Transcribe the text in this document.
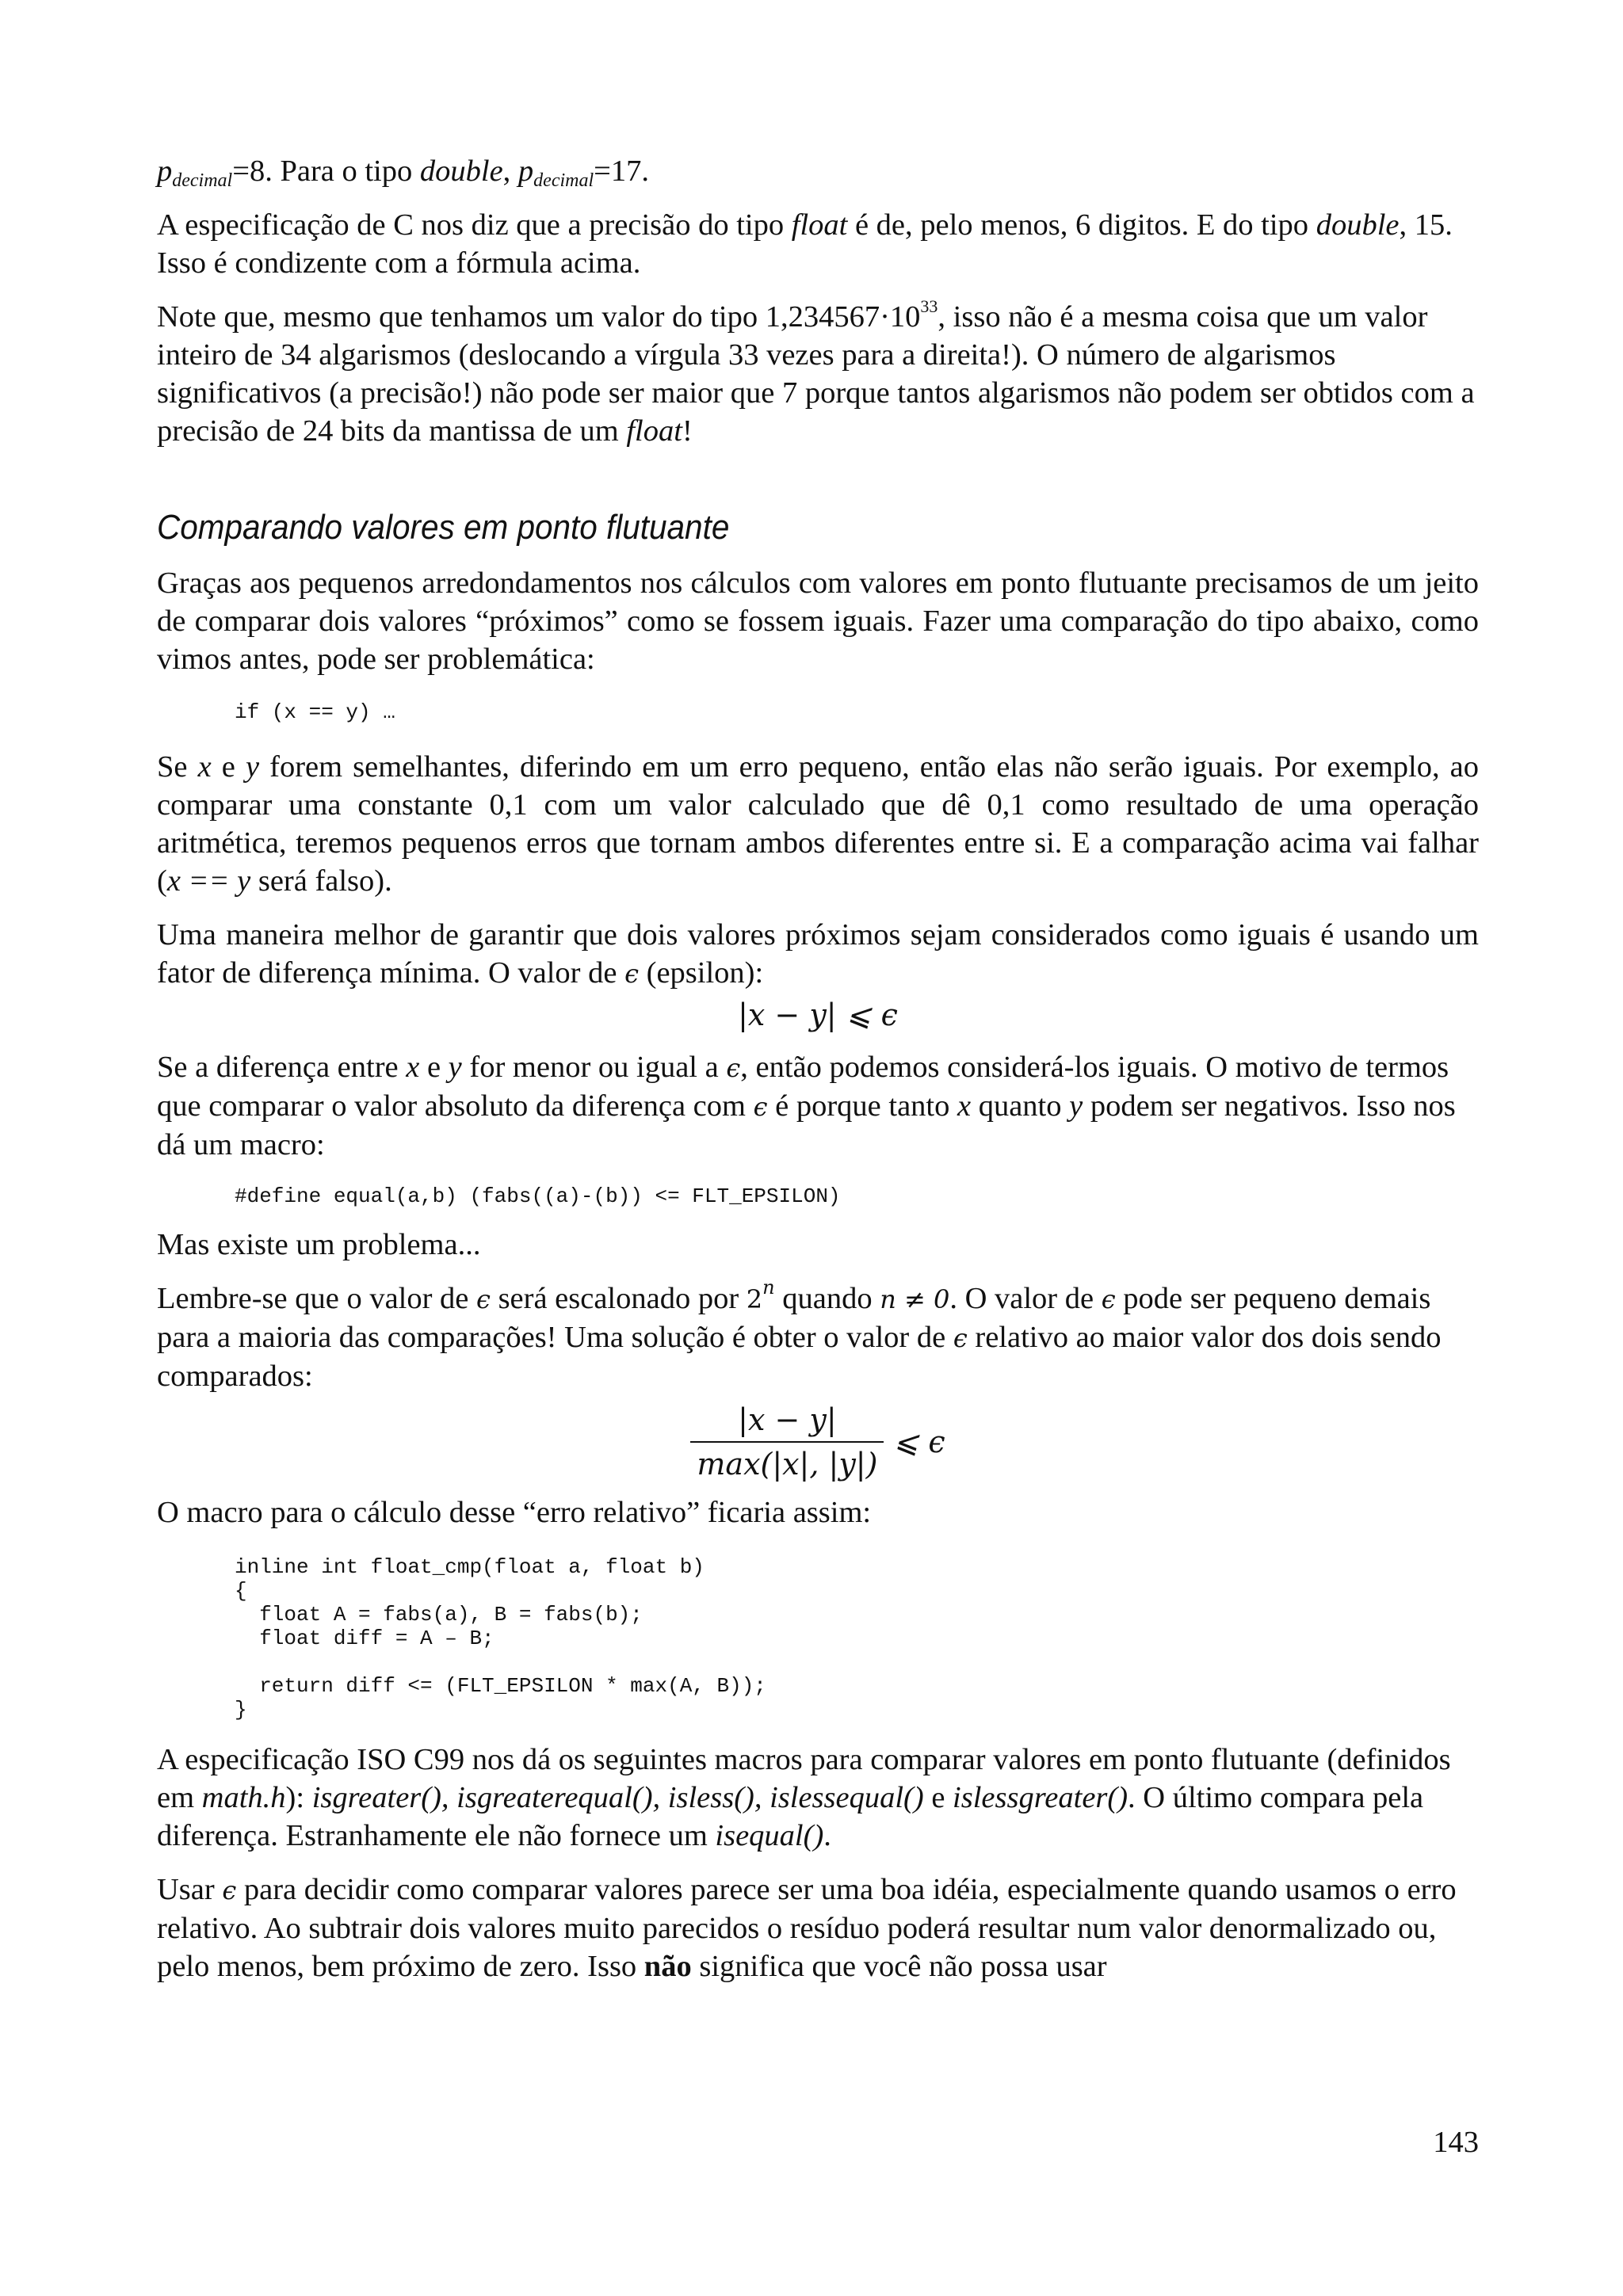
$p_{decimal}=8$. Para o tipo double, $p_{decimal}=17$.

A especificação de C nos diz que a precisão do tipo float é de, pelo menos, 6 digitos. E do tipo double, 15. Isso é condizente com a fórmula acima.

Note que, mesmo que tenhamos um valor do tipo $1,234567\cdot 10^{33}$, isso não é a mesma coisa que um valor inteiro de 34 algarismos (deslocando a vírgula 33 vezes para a direita!). O número de algarismos significativos (a precisão!) não pode ser maior que 7 porque tantos algarismos não podem ser obtidos com a precisão de 24 bits da mantissa de um float!

Comparando valores em ponto flutuante

Graças aos pequenos arredondamentos nos cálculos com valores em ponto flutuante precisamos de um jeito de comparar dois valores “próximos” como se fossem iguais. Fazer uma comparação do tipo abaixo, como vimos antes, pode ser problemática:

if (x == y) …

Se x e y forem semelhantes, diferindo em um erro pequeno, então elas não serão iguais. Por exemplo, ao comparar uma constante 0,1 com um valor calculado que dê 0,1 como resultado de uma operação aritmética, teremos pequenos erros que tornam ambos diferentes entre si. E a comparação acima vai falhar (x == y será falso).

Uma maneira melhor de garantir que dois valores próximos sejam considerados como iguais é usando um fator de diferença mínima. O valor de ϵ (epsilon):

|x − y| ⩽ ϵ

Se a diferença entre x e y for menor ou igual a ϵ, então podemos considerá-los iguais. O motivo de termos que comparar o valor absoluto da diferença com ϵ é porque tanto x quanto y podem ser negativos. Isso nos dá um macro:

#define equal(a,b) (fabs((a)-(b)) <= FLT_EPSILON)

Mas existe um problema...

Lembre-se que o valor de ϵ será escalonado por 2$^n$ quando n ≠ 0. O valor de ϵ pode ser pequeno demais para a maioria das comparações! Uma solução é obter o valor de ϵ relativo ao maior valor dos dois sendo comparados:

$\frac{|x - y|}{\max(|x|, |y|)}$ ⩽ ϵ

O macro para o cálculo desse “erro relativo” ficaria assim:

inline int float_cmp(float a, float b)
{
float A = fabs(a), B = fabs(b);
float diff = A – B;

return diff <= (FLT_EPSILON * max(A, B));
}

A especificação ISO C99 nos dá os seguintes macros para comparar valores em ponto flutuante (definidos em math.h): isgreater(), isgreaterequal(), isless(), islessequal() e islessgreater(). O último compara pela diferença. Estranhamente ele não fornece um isequal().

Usar ϵ para decidir como comparar valores parece ser uma boa idéia, especialmente quando usamos o erro relativo. Ao subtrair dois valores muito parecidos o resíduo poderá resultar num valor denormalizado ou, pelo menos, bem próximo de zero. Isso não significa que você não possa usar

143
